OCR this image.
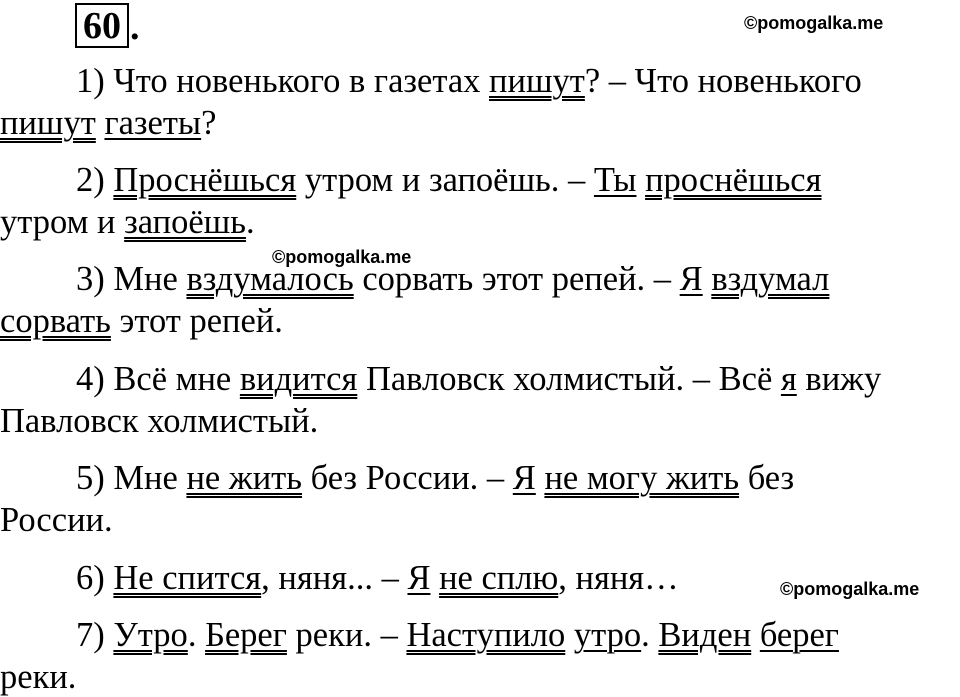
60 .	©pomogalka.me
©pomogalka.me
©pomogalka.me
1) Что новенького в газетах пишут? – Что новенького
пишут газеты?
2) Проснёшься утром и запоёшь. – Ты проснёшься
утром и запоёшь.
3) Мне вздумалось сорвать этот репей. – Я вздумал
сорвать этот репей.
4) Всё мне видится Павловск холмистый. – Всё я вижу
Павловск холмистый.
5) Мне не жить без России. – Я не могу жить без
России.
6) Не спится, няня... – Я не сплю, няня…
7) Утро. Берег реки. – Наступило утро. Виден берег
реки.
